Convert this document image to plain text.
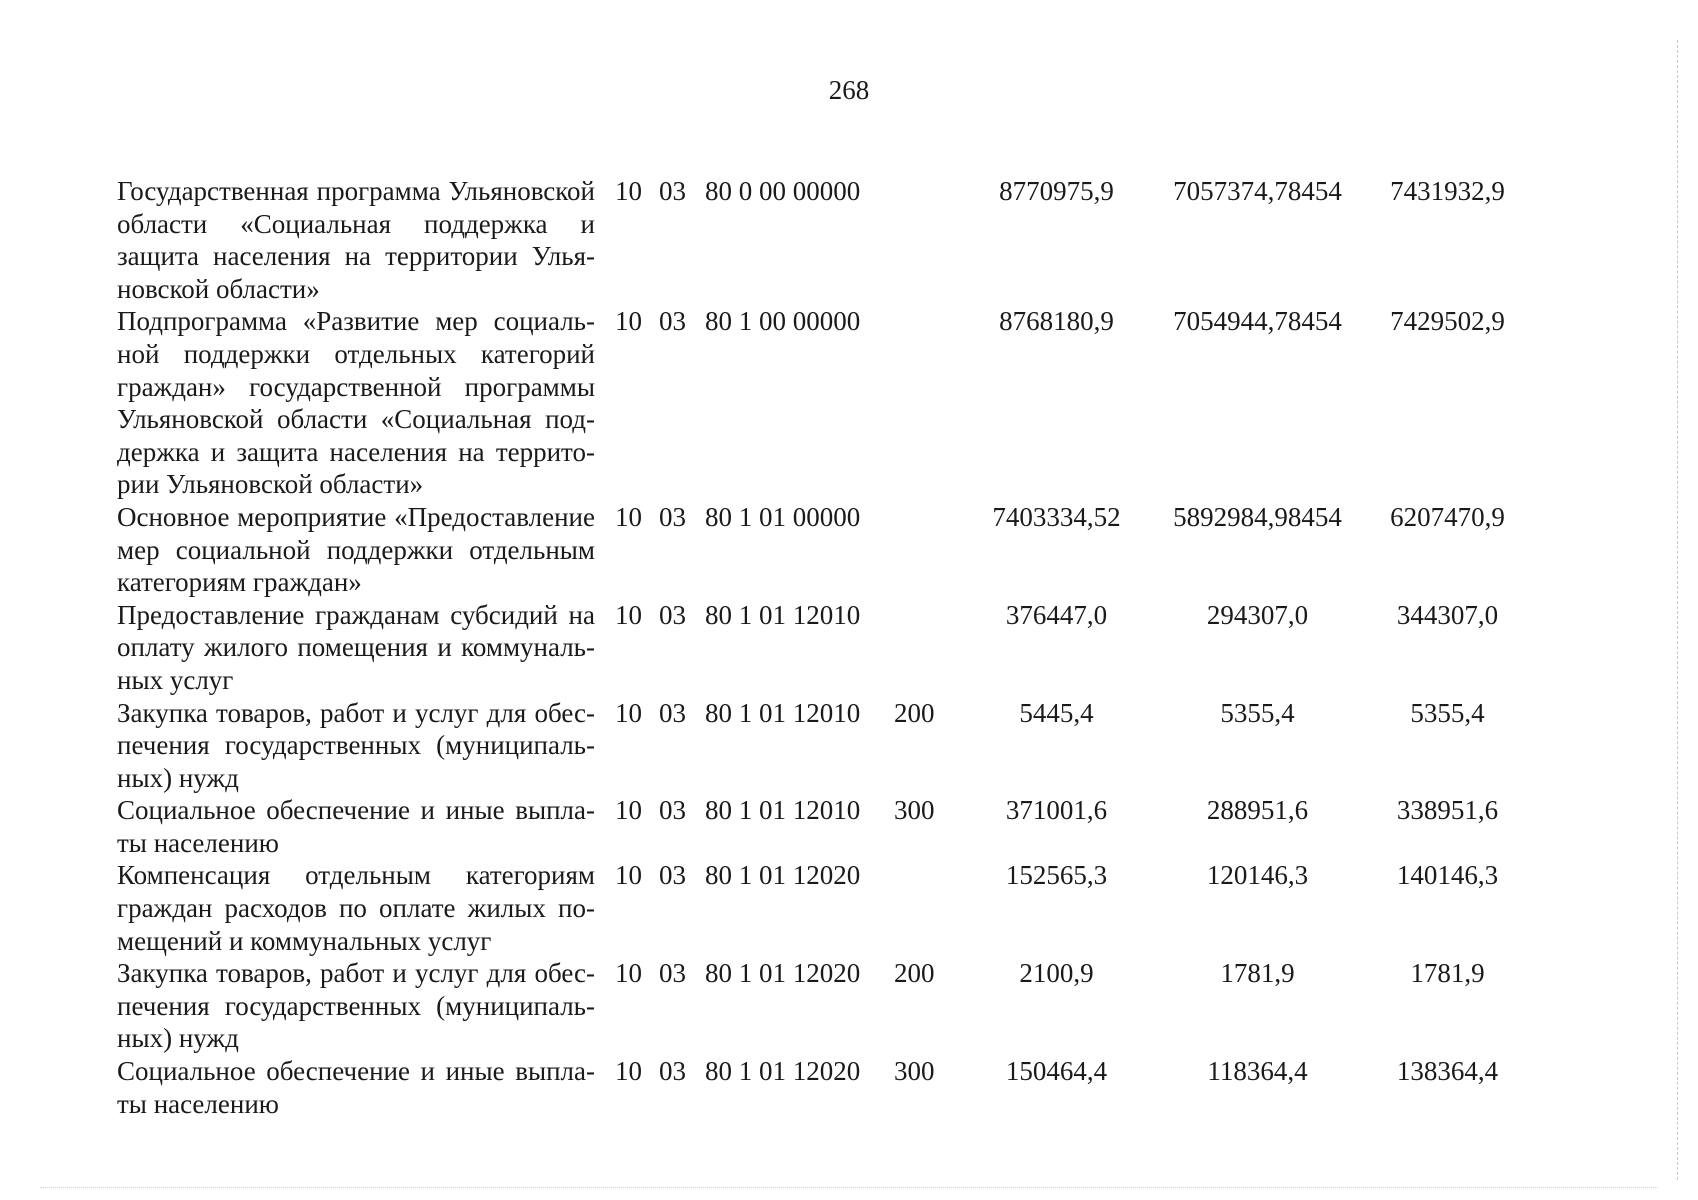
268
Государственная программа Ульяновской области «Социальная поддержка и защита населения на территории Ульяновской области»	10	03	80 0 00 00000		8770975,9	7057374,78454	7431932,9
Подпрограмма «Развитие мер социальной поддержки отдельных категорий граждан» государственной программы Ульяновской области «Социальная поддержка и защита населения на территории Ульяновской области»	10	03	80 1 00 00000		8768180,9	7054944,78454	7429502,9
Основное мероприятие «Предоставление мер социальной поддержки отдельным категориям граждан»	10	03	80 1 01 00000		7403334,52	5892984,98454	6207470,9
Предоставление гражданам субсидий на оплату жилого помещения и коммунальных услуг	10	03	80 1 01 12010		376447,0	294307,0	344307,0
Закупка товаров, работ и услуг для обеспечения государственных (муниципальных) нужд	10	03	80 1 01 12010	200	5445,4	5355,4	5355,4
Социальное обеспечение и иные выплаты населению	10	03	80 1 01 12010	300	371001,6	288951,6	338951,6
Компенсация отдельным категориям граждан расходов по оплате жилых помещений и коммунальных услуг	10	03	80 1 01 12020		152565,3	120146,3	140146,3
Закупка товаров, работ и услуг для обеспечения государственных (муниципальных) нужд	10	03	80 1 01 12020	200	2100,9	1781,9	1781,9
Социальное обеспечение и иные выплаты населению	10	03	80 1 01 12020	300	150464,4	118364,4	138364,4
